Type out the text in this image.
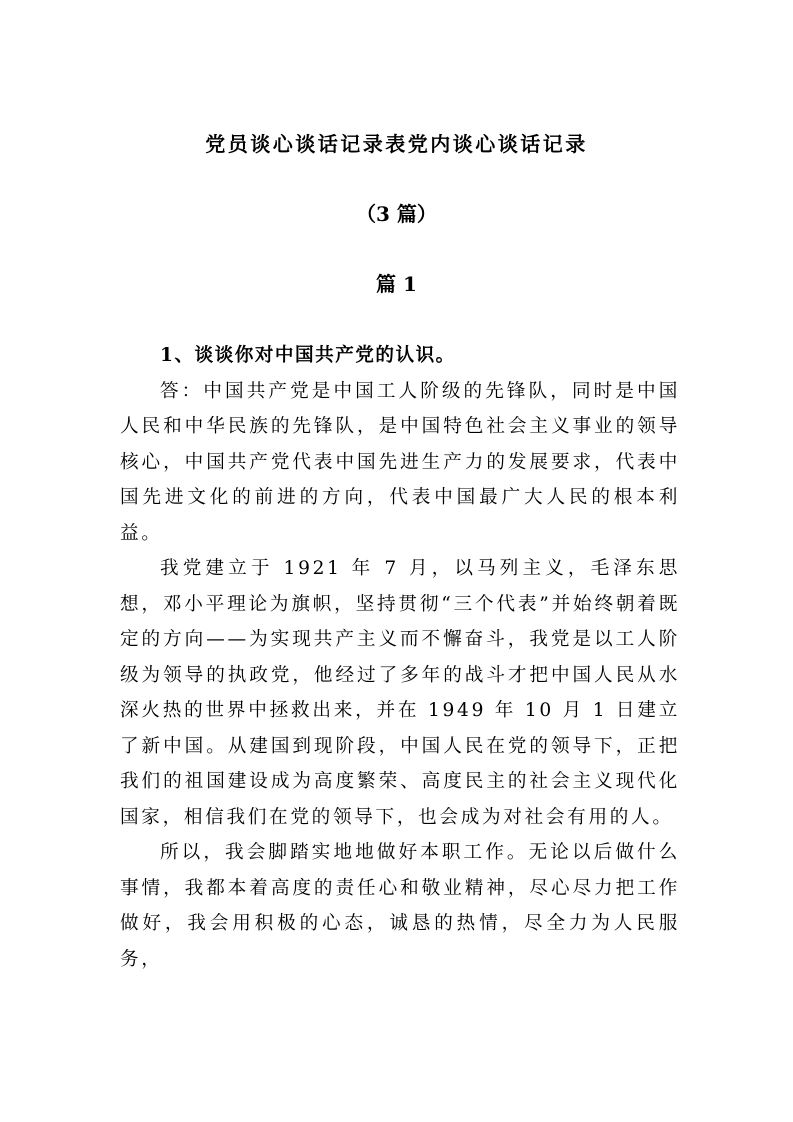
党员谈心谈话记录表党内谈心谈话记录
（3 篇）
篇 1

1、谈谈你对中国共产党的认识。

答：中国共产党是中国工人阶级的先锋队，同时是中国人民和中华民族的先锋队，是中国特色社会主义事业的领导核心，中国共产党代表中国先进生产力的发展要求，代表中国先进文化的前进的方向，代表中国最广大人民的根本利益。

我党建立于 1921 年 7 月，以马列主义，毛泽东思想，邓小平理论为旗帜，坚持贯彻“三个代表”并始终朝着既定的方向——为实现共产主义而不懈奋斗，我党是以工人阶级为领导的执政党，他经过了多年的战斗才把中国人民从水深火热的世界中拯救出来，并在 1949 年 10 月 1 日建立了新中国。从建国到现阶段，中国人民在党的领导下，正把我们的祖国建设成为高度繁荣、高度民主的社会主义现代化国家，相信我们在党的领导下，也会成为对社会有用的人。

所以，我会脚踏实地地做好本职工作。无论以后做什么事情，我都本着高度的责任心和敬业精神，尽心尽力把工作做好，我会用积极的心态，诚恳的热情，尽全力为人民服务，
